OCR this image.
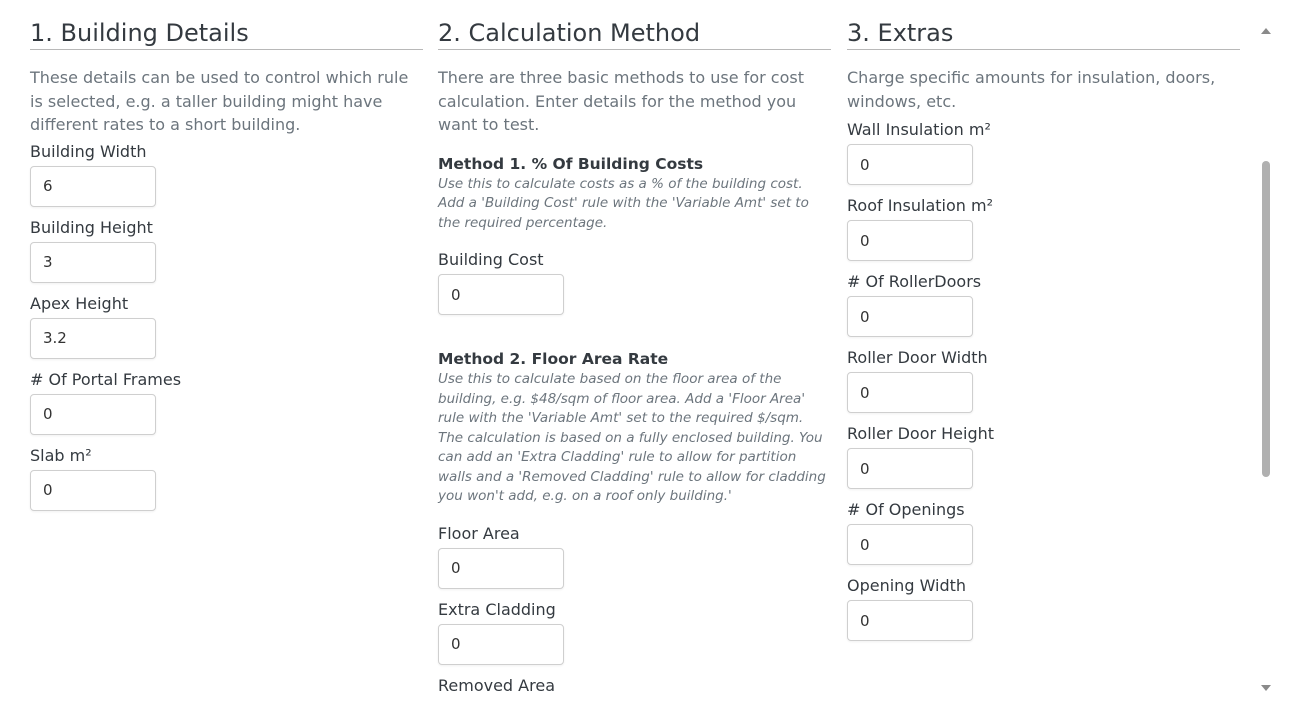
1. Building Details

These details can be used to control which rule is selected, e.g. a taller building might have different rates to a short building.

Building Width
6
Building Height
3
Apex Height
3.2
# Of Portal Frames
0
Slab m²
0
2. Calculation Method

There are three basic methods to use for cost calculation. Enter details for the method you want to test.

Method 1. % Of Building Costs

Use this to calculate costs as a % of the building cost. Add a 'Building Cost' rule with the 'Variable Amt' set to the required percentage.

Building Cost
0

Method 2. Floor Area Rate

Use this to calculate based on the floor area of the building, e.g. $48/sqm of floor area. Add a 'Floor Area' rule with the 'Variable Amt' set to the required $/sqm. The calculation is based on a fully enclosed building. You can add an 'Extra Cladding' rule to allow for partition walls and a 'Removed Cladding' rule to allow for cladding you won't add, e.g. on a roof only building.'

Floor Area
0
Extra Cladding
0
Removed Area
3. Extras

Charge specific amounts for insulation, doors, windows, etc.

Wall Insulation m²
0
Roof Insulation m²
0
# Of RollerDoors
0
Roller Door Width
0
Roller Door Height
0
# Of Openings
0
Opening Width
0
